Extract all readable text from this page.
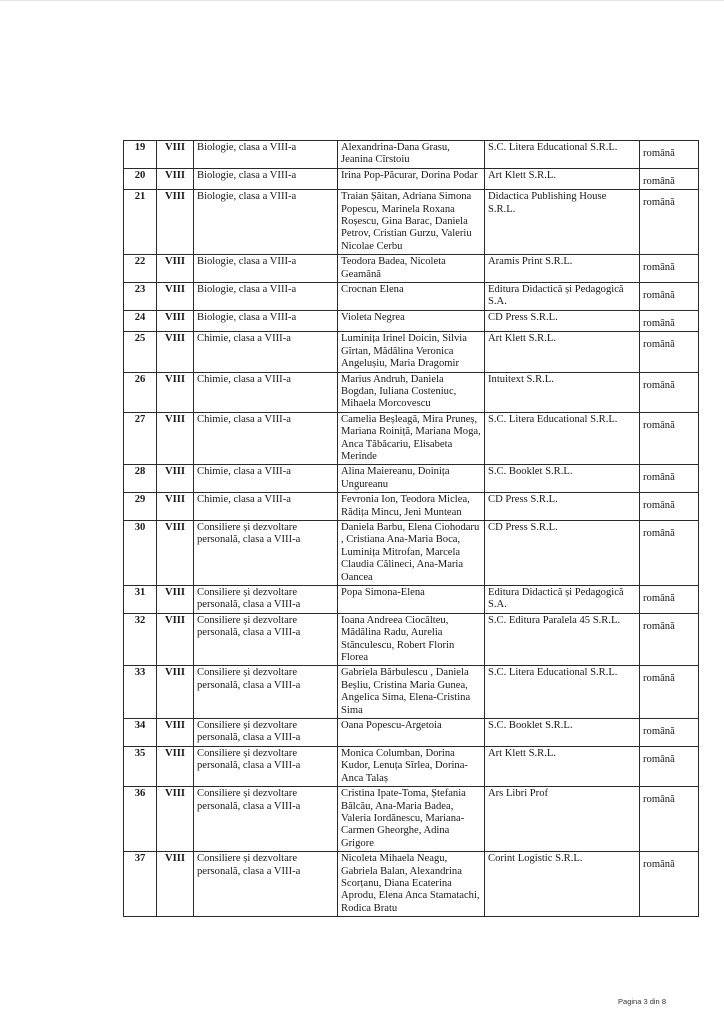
19	VIII	Biologie, clasa a VIII-a	Alexandrina-Dana Grasu, Jeanina Cîrstoiu	S.C. Litera Educational S.R.L.	română

20	VIII	Biologie, clasa a VIII-a	Irina Pop-Păcurar, Dorina Podar	Art Klett S.R.L.	română

21	VIII	Biologie, clasa a VIII-a	Traian Șăitan, Adriana Simona Popescu, Marinela Roxana Roșescu, Gina Barac, Daniela Petrov, Cristian Gurzu, Valeriu Nicolae Cerbu	Didactica Publishing House S.R.L.	română

22	VIII	Biologie, clasa a VIII-a	Teodora Badea, Nicoleta Geamănă	Aramis Print S.R.L.	română

23	VIII	Biologie, clasa a VIII-a	Crocnan Elena	Editura Didactică și Pedagogică S.A.	română

24	VIII	Biologie, clasa a VIII-a	Violeta Negrea	CD Press S.R.L.	română

25	VIII	Chimie, clasa a VIII-a	Luminița Irinel Doicin, Silvia Gîrtan, Mădălina Veronica Angelușiu, Maria Dragomir	Art Klett S.R.L.	română

26	VIII	Chimie, clasa a VIII-a	Marius Andruh, Daniela Bogdan, Iuliana Costeniuc, Mihaela Morcovescu	Intuitext S.R.L.	română

27	VIII	Chimie, clasa a VIII-a	Camelia Beșleagă, Mira Pruneș, Mariana Roiniță, Mariana Moga, Anca Tăbăcariu, Elisabeta Merinde	S.C. Litera Educational S.R.L.	română

28	VIII	Chimie, clasa a VIII-a	Alina Maiereanu, Doinița Ungureanu	S.C. Booklet S.R.L.	română

29	VIII	Chimie, clasa a VIII-a	Fevronia Ion, Teodora Miclea, Rădița Mincu, Jeni Muntean	CD Press S.R.L.	română

30	VIII	Consiliere și dezvoltare personală, clasa a VIII-a	Daniela Barbu, Elena Ciohodaru , Cristiana Ana-Maria Boca, Luminița Mitrofan, Marcela Claudia Călineci, Ana-Maria Oancea	CD Press S.R.L.	română

31	VIII	Consiliere și dezvoltare personală, clasa a VIII-a	Popa Simona-Elena	Editura Didactică și Pedagogică S.A.	română

32	VIII	Consiliere și dezvoltare personală, clasa a VIII-a	Ioana Andreea Ciocâlteu, Mădălina Radu, Aurelia Stănculescu, Robert Florin Florea	S.C. Editura Paralela 45 S.R.L.	română

33	VIII	Consiliere și dezvoltare personală, clasa a VIII-a	Gabriela Bărbulescu , Daniela Beșliu, Cristina Maria Gunea, Angelica Sima, Elena-Cristina Sima	S.C. Litera Educational S.R.L.	română

34	VIII	Consiliere și dezvoltare personală, clasa a VIII-a	Oana Popescu-Argetoia	S.C. Booklet S.R.L.	română

35	VIII	Consiliere și dezvoltare personală, clasa a VIII-a	Monica Columban, Dorina Kudor, Lenuța Sîrlea, Dorina-Anca Talaș	Art Klett S.R.L.	română

36	VIII	Consiliere și dezvoltare personală, clasa a VIII-a	Cristina Ipate-Toma, Ștefania Bălcău, Ana-Maria Badea, Valeria Iordănescu, Mariana-Carmen Gheorghe, Adina Grigore	Ars Libri Prof	română

37	VIII	Consiliere și dezvoltare personală, clasa a VIII-a	Nicoleta Mihaela Neagu, Gabriela Balan, Alexandrina Scorțanu, Diana Ecaterina Aprodu, Elena Anca Stamatachi, Rodica Bratu	Corint Logistic S.R.L.	română
Pagina 3 din 8
